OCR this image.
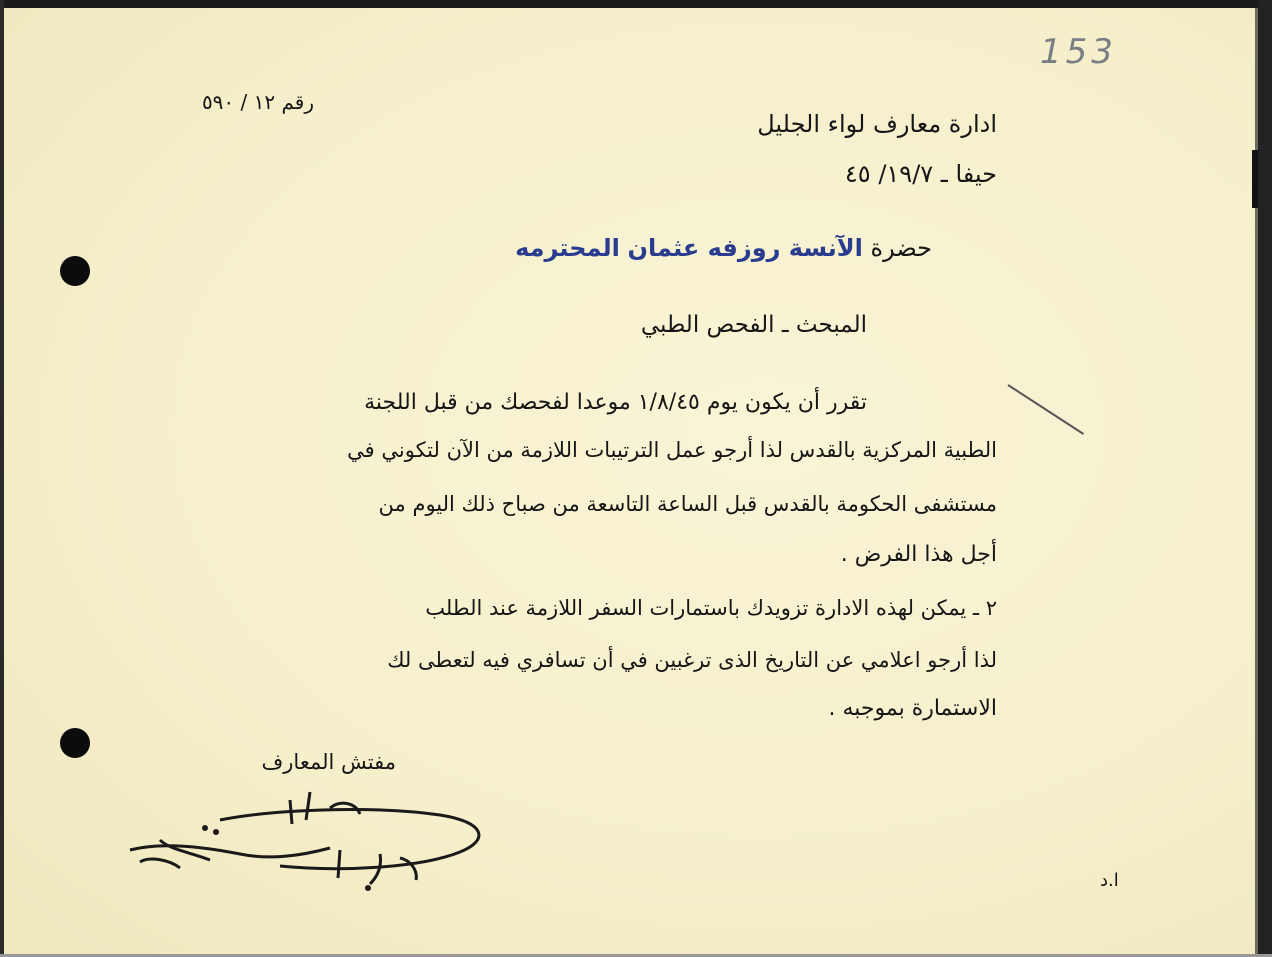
153
رقم ١٢ / ٥٩٠
ادارة معارف لواء الجليل
حيفا ـ ١٩/٧/ ٤٥
حضرة الآنسة روزفه عثمان المحترمه
المبحث ـ الفحص الطبي
تقرر أن يكون يوم ١/٨/٤٥ موعدا لفحصك من قبل اللجنة
الطبية المركزية بالقدس لذا أرجو عمل الترتيبات اللازمة من الآن لتكوني في
مستشفى الحكومة بالقدس قبل الساعة التاسعة من صباح ذلك اليوم من
أجل هذا الفرض .
٢ ـ يمكن لهذه الادارة تزويدك باستمارات السفر اللازمة عند الطلب
لذا أرجو اعلامي عن التاريخ الذى ترغبين في أن تسافري فيه لتعطى لك
الاستمارة بموجبه .
مفتش المعارف
ا.د
